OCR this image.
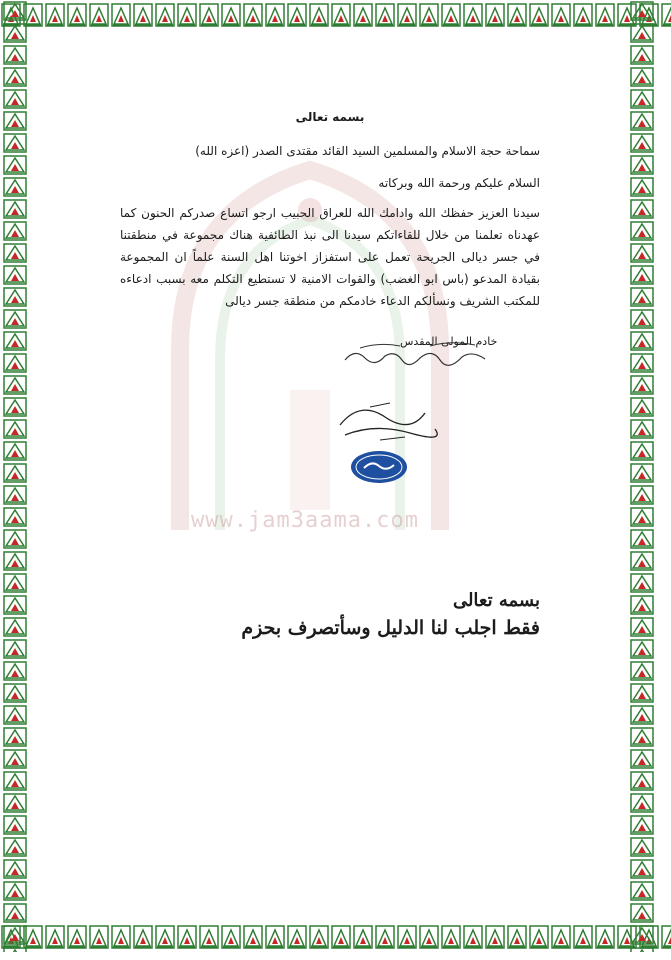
www.jam3aama.com
بسمه تعالى
سماحة حجة الاسلام والمسلمين السيد القائد مقتدى الصدر (اعزه الله)
السلام عليكم ورحمة الله وبركاته
سيدنا العزيز حفظك الله وادامك الله للعراق الحبيب ارجو اتساع صدركم الحنون كما عهدناه تعلمنا من خلال للقاءاتكم سيدنا الى نبذ الطائفية هناك مجموعة في منطقتنا في جسر ديالى الجريحة تعمل على استفزاز اخوتنا اهل السنة علماً ان المجموعة بقيادة المدعو (باس ابو الغضب) والقوات الامنية لا تستطيع التكلم معه بسبب ادعاءه للمكتب الشريف ونسألكم الدعاء خادمكم من منطقة جسر ديالى
خادم المولى المقدس
بسمه تعالى
فقط اجلب لنا الدليل وسأتصرف بحزم
